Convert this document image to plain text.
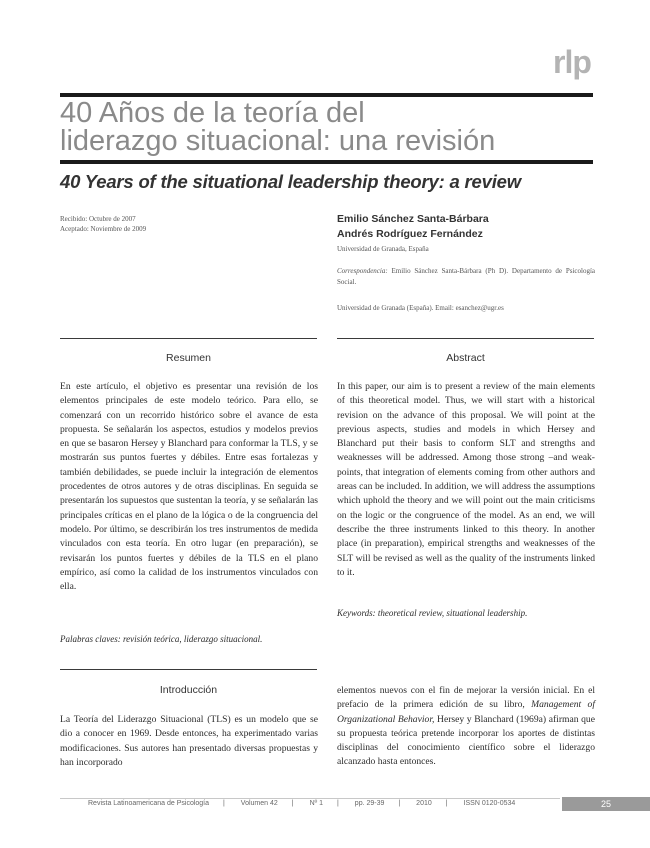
rlp
40 Años de la teoría del
liderazgo situacional: una revisión
40 Years of the situational leadership theory: a review
Recibido: Octubre de 2007
Aceptado: Noviembre de 2009
Emilio Sánchez Santa-Bárbara
Andrés Rodríguez Fernández
Universidad de Granada, España
Correspondencia: Emilio Sánchez Santa-Bárbara (Ph D). Departamento de Psicología Social.
Universidad de Granada (España). Email: esanchez@ugr.es
Resumen	Abstract
En este artículo, el objetivo es presentar una revisión de los elementos principales de este modelo teórico. Para ello, se comenzará con un recorrido histórico sobre el avance de esta propuesta. Se señalarán los aspectos, estudios y modelos previos en que se basaron Hersey y Blanchard para conformar la TLS, y se mostrarán sus puntos fuertes y débiles. Entre esas fortalezas y también debilidades, se puede incluir la integración de elementos procedentes de otros autores y de otras disciplinas. En seguida se presentarán los supuestos que sustentan la teoría, y se señalarán las principales críticas en el plano de la lógica o de la congruencia del modelo. Por último, se describirán los tres instrumentos de medida vinculados con esta teoría. En otro lugar (en preparación), se revisarán los puntos fuertes y débiles de la TLS en el plano empírico, así como la calidad de los instrumentos vinculados con ella.
In this paper, our aim is to present a review of the main elements of this theoretical model. Thus, we will start with a historical revision on the advance of this proposal. We will point at the previous aspects, studies and models in which Hersey and Blanchard put their basis to conform SLT and strengths and weaknesses will be addressed. Among those strong –and weak- points, that integration of elements coming from other authors and areas can be included. In addition, we will address the assumptions which uphold the theory and we will point out the main criticisms on the logic or the congruence of the model. As an end, we will describe the three instruments linked to this theory. In another place (in preparation), empirical strengths and weaknesses of the SLT will be revised as well as the quality of the instruments linked to it.
Palabras claves: revisión teórica, liderazgo situacional.
Keywords: theoretical review, situational leadership.
Introducción
La Teoría del Liderazgo Situacional (TLS) es un modelo que se dio a conocer en 1969. Desde entonces, ha experimentado varias modificaciones. Sus autores han presentado diversas propuestas y han incorporado
elementos nuevos con el fin de mejorar la versión inicial. En el prefacio de la primera edición de su libro, Management of Organizational Behavior, Hersey y Blanchard (1969a) afirman que su propuesta teórica pretende incorporar los aportes de distintas disciplinas del conocimiento científico sobre el liderazgo alcanzado hasta entonces.
Revista Latinoamericana de Psicología | Volumen 42 | Nº 1 | pp. 29-39 | 2010 | ISSN 0120-0534	25
